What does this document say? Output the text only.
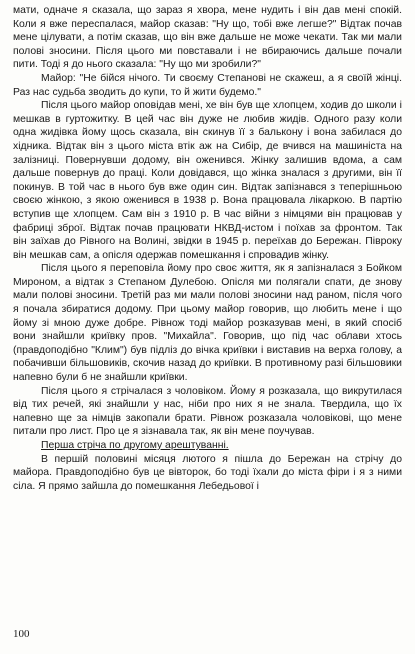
мати, одначе я сказала, що зараз я хвора, мене нудить і він дав мені спокій. Коли я вже переспалася, майор сказав: "Ну що, тобі вже легше?" Відтак почав мене цілувати, а потім сказав, що він вже дальше не може чекати. Так ми мали полові зносини. Після цього ми повставали і не вбираючись дальше почали пити. Тоді я до нього сказала: "Ну що ми зробили?"

Майор: "Не бійся нічого. Ти своєму Степанові не скажеш, а я своїй жінці. Раз нас судьба зводить до купи, то й жити будемо."

Після цього майор оповідав мені, хе він був ще хлопцем, ходив до школи і мешкав в гуртожитку. В цей час він дуже не любив жидів. Одного разу коли одна жидівка йому щось сказала, він скинув її з бальконy і вона забилася до хідника. Відтак він з цього міста втік аж на Сибір, де вчився на машиніста на залізниці. Повернувши додому, він оженився. Жінку залишив вдома, а сам дальше повернув до праці. Коли довідався, що жінка зналася з другими, він її покинув. В той час в нього був вже один син. Відтак запізнався з теперішньою своєю жінкою, з якою оженився в 1938 р. Вона працювала лікаркою. В партію вступив ще хлопцем. Сам він з 1910 р. В час війни з німцями він працював у фабриці зброї. Відтак почав працювати НКВД-истом і поїхав за фронтом. Так він заїхав до Рівного на Волині, звідки в 1945 р. переїхав до Бережан. Півроку він мешкав сам, а опісля одержав помешкання і спровадив жінку.

Після цього я переповіла йому про своє життя, як я запізналася з Бойком Мироном, а відтак з Степаном Дулебою. Опісля ми полягали спати, де знову мали полові зносини. Третій раз ми мали полові зносини над раном, після чого я почала збиратися додому. При цьому майор говорив, що любить мене і що йому зі мною дуже добре. Рівнож тоді майор розказував мені, в який спосіб вони знайшли криївку пров. "Михайла". Говорив, що під час облави хтось (правдоподібно "Клим") був підліз до вічка криївки і виставив на верха голову, а побачивши більшовиків, скочив назад до криївки. В противному разі більшовики напевно були б не знайшли криївки.

Після цього я стрічалася з чоловіком. Йому я розказала, що викрутилася від тих речей, які знайшли у нас, ніби про них я не знала. Твердила, що їх напевно ще за німців закопали брати. Рівнож розказала чоловікові, що мене питали про лист. Про це я зізнавала так, як він мене поучував.

Перша стріча по другому арештуванні.

В першій половині місяця лютого я пішла до Бережан на стрічу до майора. Правдоподібно був це вівторок, бо тоді їхали до міста фіри і я з ними сіла. Я прямо зайшла до помешкання Лебедьової і

100
